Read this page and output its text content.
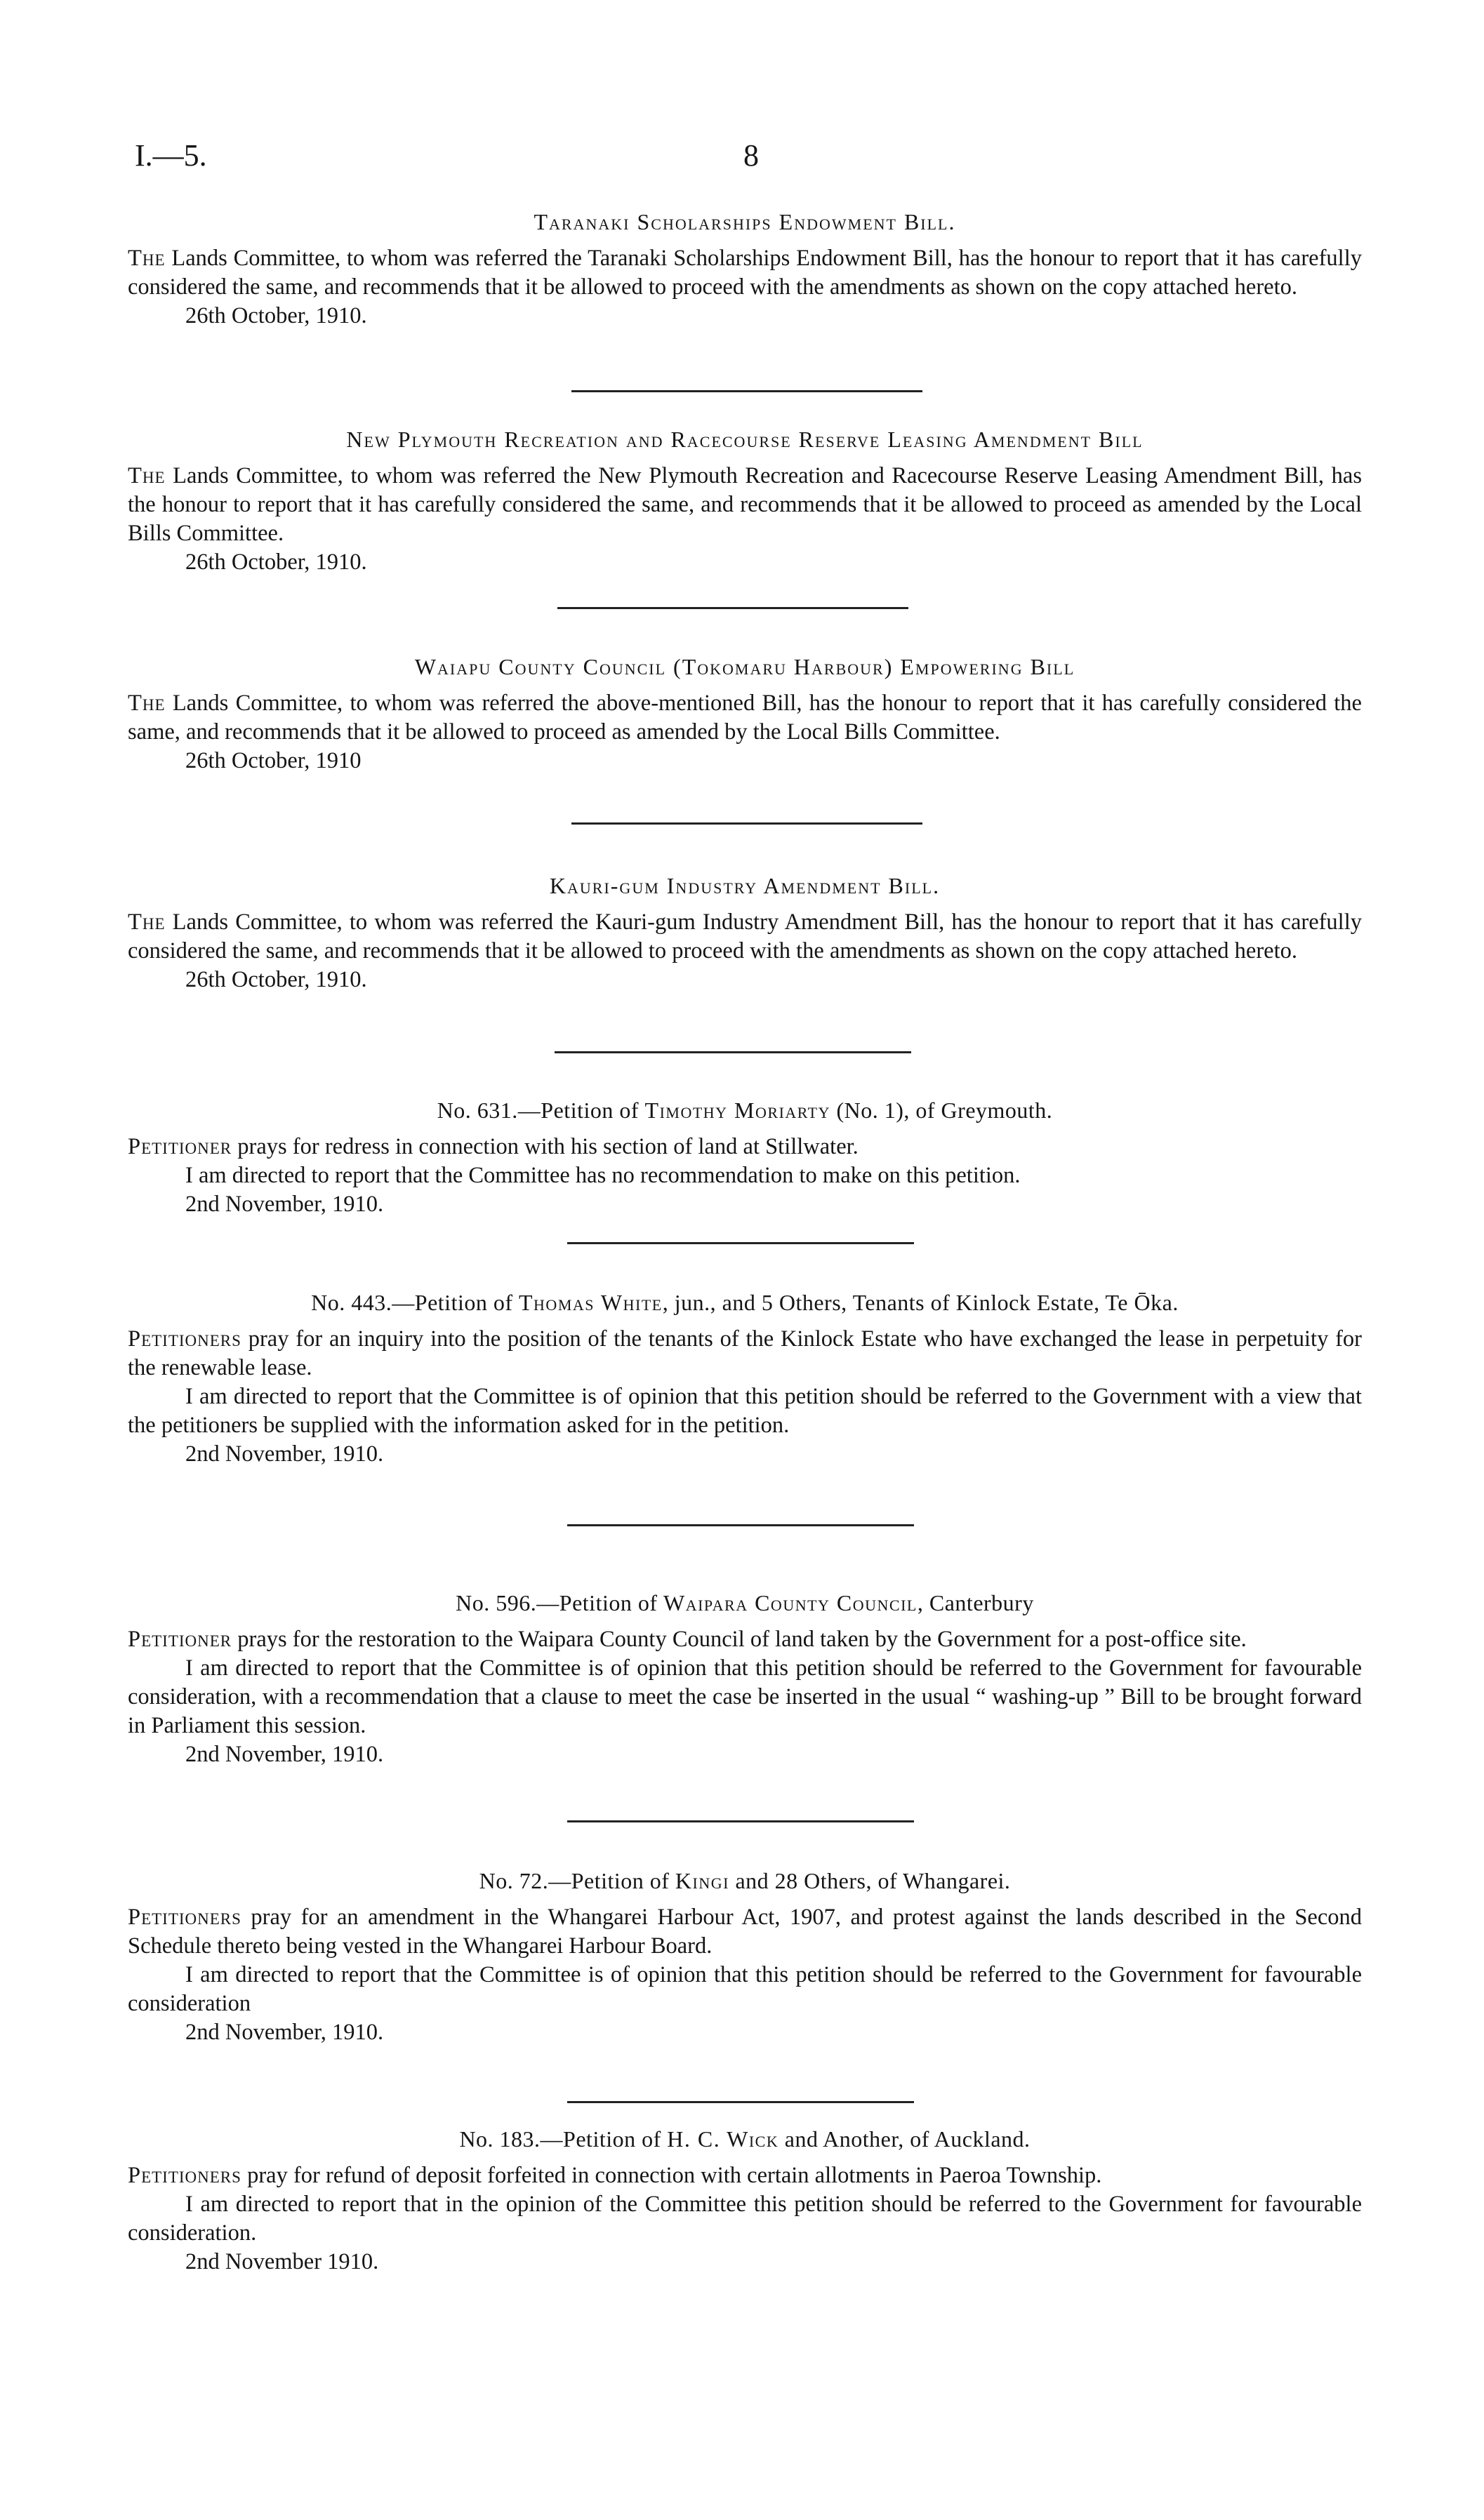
I.—5.	8
Taranaki Scholarships Endowment Bill.

The Lands Committee, to whom was referred the Taranaki Scholarships Endowment Bill, has the honour to report that it has carefully considered the same, and recommends that it be allowed to proceed with the amendments as shown on the copy attached hereto.

26th October, 1910.

New Plymouth Recreation and Racecourse Reserve Leasing Amendment Bill

The Lands Committee, to whom was referred the New Plymouth Recreation and Racecourse Reserve Leasing Amendment Bill, has the honour to report that it has carefully considered the same, and recommends that it be allowed to proceed as amended by the Local Bills Committee.

26th October, 1910.

Waiapu County Council (Tokomaru Harbour) Empowering Bill

The Lands Committee, to whom was referred the above-mentioned Bill, has the honour to report that it has carefully considered the same, and recommends that it be allowed to proceed as amended by the Local Bills Committee.

26th October, 1910

Kauri-gum Industry Amendment Bill.

The Lands Committee, to whom was referred the Kauri-gum Industry Amendment Bill, has the honour to report that it has carefully considered the same, and recommends that it be allowed to proceed with the amendments as shown on the copy attached hereto.

26th October, 1910.

No. 631.—Petition of Timothy Moriarty (No. 1), of Greymouth.

Petitioner prays for redress in connection with his section of land at Stillwater.

I am directed to report that the Committee has no recommendation to make on this petition.

2nd November, 1910.

No. 443.—Petition of Thomas White, jun., and 5 Others, Tenants of Kinlock Estate, Te Ōka.

Petitioners pray for an inquiry into the position of the tenants of the Kinlock Estate who have exchanged the lease in perpetuity for the renewable lease.

I am directed to report that the Committee is of opinion that this petition should be referred to the Government with a view that the petitioners be supplied with the information asked for in the petition.

2nd November, 1910.

No. 596.—Petition of Waipara County Council, Canterbury

Petitioner prays for the restoration to the Waipara County Council of land taken by the Government for a post-office site.

I am directed to report that the Committee is of opinion that this petition should be referred to the Government for favourable consideration, with a recommendation that a clause to meet the case be inserted in the usual “ washing-up ” Bill to be brought forward in Parliament this session.

2nd November, 1910.

No. 72.—Petition of Kingi and 28 Others, of Whangarei.

Petitioners pray for an amendment in the Whangarei Harbour Act, 1907, and protest against the lands described in the Second Schedule thereto being vested in the Whangarei Harbour Board.

I am directed to report that the Committee is of opinion that this petition should be referred to the Government for favourable consideration

2nd November, 1910.

No. 183.—Petition of H. C. Wick and Another, of Auckland.

Petitioners pray for refund of deposit forfeited in connection with certain allotments in Paeroa Township.

I am directed to report that in the opinion of the Committee this petition should be referred to the Government for favourable consideration.

2nd November 1910.
